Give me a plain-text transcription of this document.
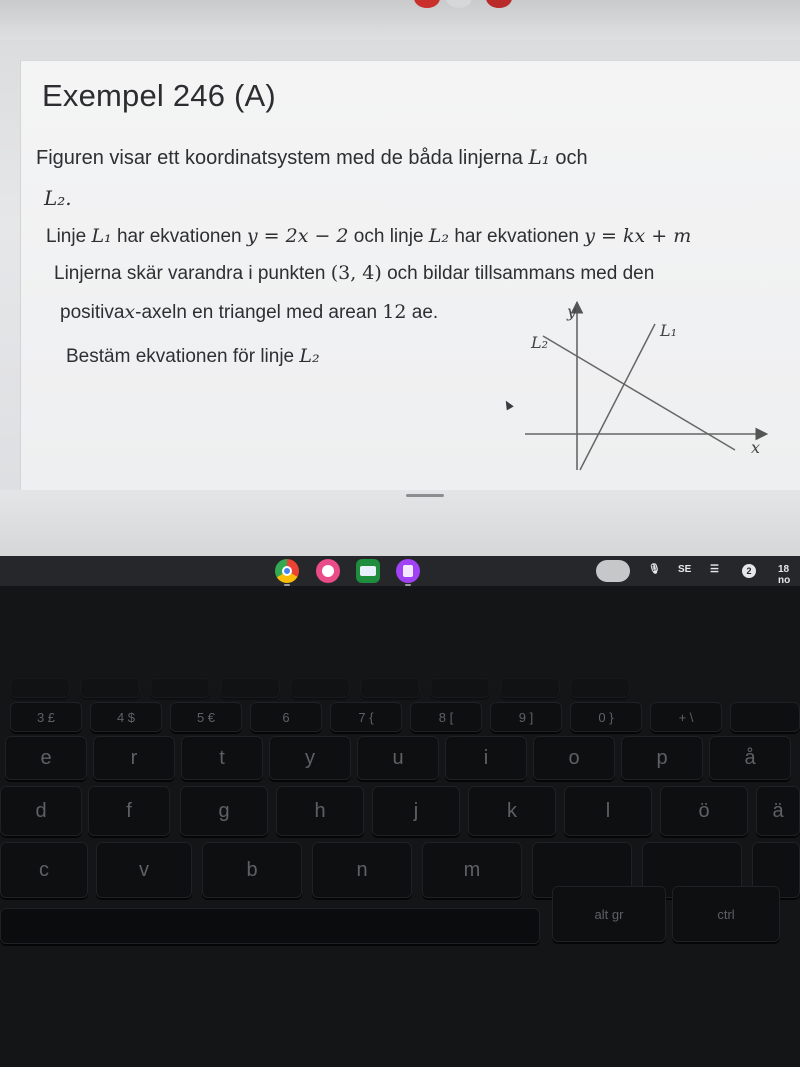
Exempel 246 (A)
Figuren visar ett koordinatsystem med de båda linjerna L₁ och
L₂.
Linje L₁ har ekvationen y = 2x − 2 och linje L₂ har ekvationen y = kx + m
Linjerna skär varandra i punkten (3, 4) och bildar tillsammans med den
positivax-axeln en triangel med arean 12 ae.
Bestäm ekvationen för linje L₂
y
x
L₁
L₂
🎙 SE ☰	2	18 no
3 £	4 $	5 €	6	7 {	8 [	9 ]	0 }	+ \
e	r	t	y	u	i	o	p	å
d	f	g	h	j	k	l	ö	ä
c	v	b	n	m
alt gr	ctrl
